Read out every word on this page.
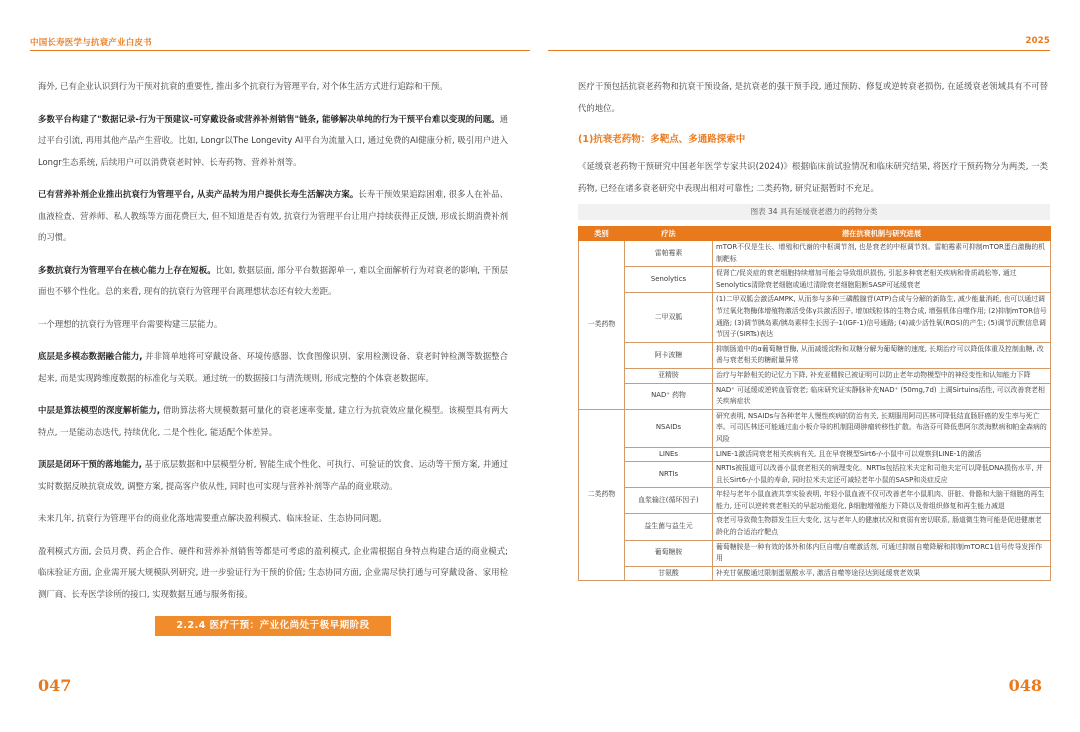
中国长寿医学与抗衰产业白皮书	2025

海外, 已有企业认识到行为干预对抗衰的重要性, 推出多个抗衰行为管理平台, 对个体生活方式进行追踪和干预。

多数平台构建了"数据记录-行为干预建议-可穿戴设备或营养补剂销售"链条, 能够解决单纯的行为干预平台难以变现的问题。通过平台引流, 再用其他产品产生营收。比如, Longr以The Longevity AI平台为流量入口, 通过免费的AI健康分析, 吸引用户进入Longr生态系统, 后续用户可以消费衰老时钟、长寿药物、营养补剂等。

已有营养补剂企业推出抗衰行为管理平台, 从卖产品转为用户提供长寿生活解决方案。长寿干预效果追踪困难, 很多人在补品、血液检查、营养师、私人教练等方面花费巨大, 但不知道是否有效, 抗衰行为管理平台让用户持续获得正反馈, 形成长期消费补剂的习惯。

多数抗衰行为管理平台在核心能力上存在短板。比如, 数据层面, 部分平台数据源单一, 难以全面解析行为对衰老的影响, 干预层面也不够个性化。总的来看, 现有的抗衰行为管理平台离理想状态还有较大差距。

一个理想的抗衰行为管理平台需要构建三层能力。

底层是多模态数据融合能力, 并非简单地将可穿戴设备、环境传感器、饮食图像识别、家用检测设备、衰老时钟检测等数据整合起来, 而是实现跨维度数据的标准化与关联。通过统一的数据接口与清洗规则, 形成完整的个体衰老数据库。

中层是算法模型的深度解析能力, 借助算法将大规模数据可量化的衰老速率变量, 建立行为抗衰效应量化模型。该模型具有两大特点, 一是能动态迭代, 持续优化, 二是个性化, 能适配个体差异。

顶层是闭环干预的落地能力, 基于底层数据和中层模型分析, 智能生成个性化、可执行、可验证的饮食、运动等干预方案, 并通过实时数据反映抗衰成效, 调整方案, 提高客户依从性, 同时也可实现与营养补剂等产品的商业联动。

未来几年, 抗衰行为管理平台的商业化落地需要重点解决盈利模式、临床验证、生态协同问题。

盈利模式方面, 会员月费、药企合作、硬件和营养补剂销售等都是可考虑的盈利模式, 企业需根据自身特点构建合适的商业模式; 临床验证方面, 企业需开展大规模队列研究, 进一步验证行为干预的价值; 生态协同方面, 企业需尽快打通与可穿戴设备、家用检测厂商、长寿医学诊所的接口, 实现数据互通与服务衔接。

2.2.4 医疗干预：产业化尚处于极早期阶段

医疗干预包括抗衰老药物和抗衰干预设备, 是抗衰老的强干预手段, 通过预防、修复或逆转衰老损伤, 在延缓衰老领域具有不可替代的地位。

(1)抗衰老药物：多靶点、多通路探索中

《延缓衰老药物干预研究中国老年医学专家共识(2024)》根据临床前试验情况和临床研究结果, 将医疗干预药物分为两类, 一类药物, 已经在诸多衰老研究中表现出相对可靠性; 二类药物, 研究证据暂时不充足。

图表 34 具有延缓衰老潜力的药物分类
类别	疗法	潜在抗衰机制与研究进展
一类药物	雷帕霉素	mTOR不仅是生长、增殖和代谢的中枢调节剂, 也是衰老的中枢调节剂。雷帕霉素可抑制mTOR蛋白激酶的机制靶标
	Senolytics	促肾亡/促炎症的衰老细胞持续增加可能会导致组织损伤, 引起多种衰老相关疾病和骨质疏松等, 通过Senolytics清除衰老细胞或通过清除衰老细胞阻断SASP可延缓衰老
	二甲双胍	(1)二甲双胍会激活AMPK, 从而参与多种三磷酸腺苷(ATP)合成与分解的新陈生, 减少能量消耗, 也可以通过调节过氧化物酶体增殖物激活受体γ共激活因子, 增加线粒体的生物合成, 增强机体自噬作用; (2)抑制mTOR信号通路; (3)调节胰岛素/胰岛素样生长因子-1(IGF-1)信号通路; (4)减少活性氧(ROS)的产生; (5)调节沉默信息调节因子(SIRTs)表达
	阿卡波糖	抑制肠道中的α葡萄糖苷酶, 从而减缓淀粉和双糖分解为葡萄糖的速度, 长期治疗可以降低体重及控制血糖, 改善与衰老相关的糖耐量异常
	亚精胺	治疗与年龄相关的记忆力下降, 补充亚精胺已被证明可以防止老年动物模型中的神经变性和认知能力下降
	NAD⁺ 药物	NAD⁺ 可延缓或逆转血管衰老; 临床研究证实静脉补充NAD⁺ (50mg,7d) 上调Sirtuins活性, 可以改善衰老相关疾病症状
二类药物	NSAIDs	研究表明, NSAIDs与各种老年人慢性疾病的防治有关, 长期服用阿司匹林可降低结直肠肝癌的发生率与死亡率。可司匹林还可能通过血小板介导的机制阻碍肿瘤转移性扩散。布洛芬可降低患阿尔茨海默病和帕金森病的风险
	LINEs	LINE-1激活同衰老相关疾病有关, 且在早衰模型Sirt6-/-小鼠中可以观察到LINE-1的激活
	NRTIs	NRTIs被报道可以改善小鼠衰老相关的病理变化。NRTIs包括拉米夫定和司他夫定可以降低DNA损伤水平, 并且长Sirt6-/-小鼠的寿命, 同时拉米夫定还可减轻老年小鼠的SASP和炎症反应
	血浆输注(循环因子)	年轻与老年小鼠血液共享实验表明, 年轻小鼠血液不仅可改善老年小鼠肌肉、肝脏、骨骼和大脑干细胞的再生能力, 还可以逆转衰老相关的早起功能退化, β细胞增殖能力下降以及骨组织修复和再生能力减退
	益生菌与益生元	衰老可导致微生物群发生巨大变化, 这与老年人的健康状况和衰弱有密切联系, 肠道微生物可能是促进健康老龄化的合适治疗靶点
	葡萄糖胺	葡萄糖胺是一种有效的体外和体内巨自噬/自噬激活剂, 可通过抑制自噬降解和抑制mTORC1信号传导发挥作用
	甘氨酸	补充甘氨酸通过限制蛋氨酸水平, 激活自噬等途径达到延缓衰老效果
047	048
